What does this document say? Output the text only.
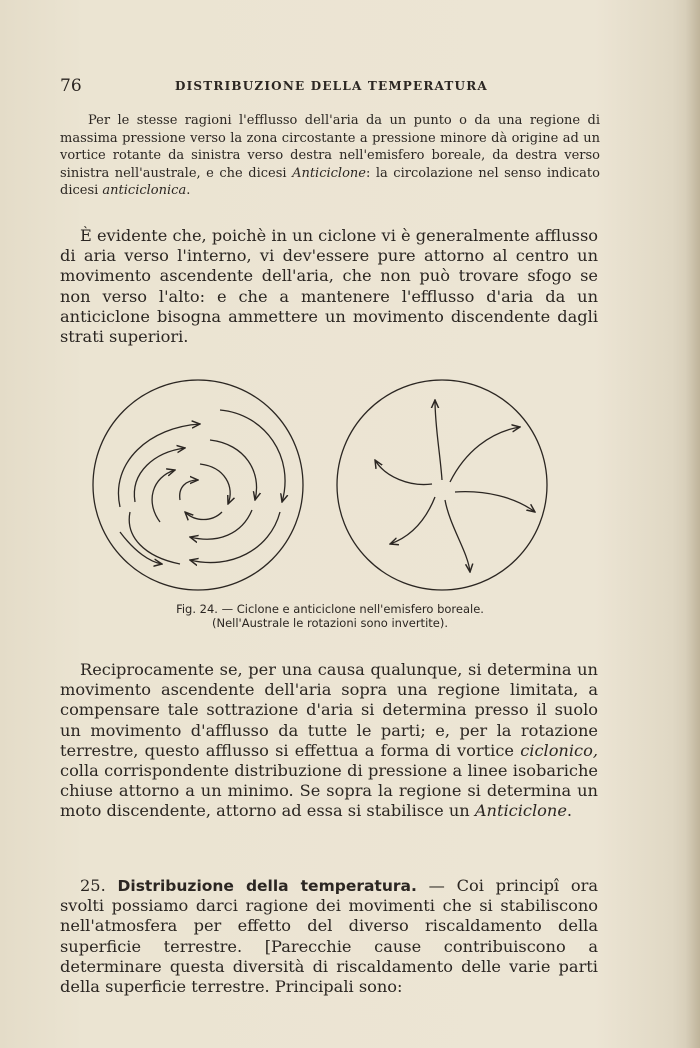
76	DISTRIBUZIONE DELLA TEMPERATURA

Per le stesse ragioni l'efflusso dell'aria da un punto o da una regione di massima pressione verso la zona circostante a pressione minore dà origine ad un vortice rotante da sinistra verso destra nell'emisfero boreale, da destra verso sinistra nell'australe, e che dicesi Anticiclone: la circolazione nel senso indicato dicesi anticiclonica.

È evidente che, poichè in un ciclone vi è generalmente afflusso di aria verso l'interno, vi dev'essere pure attorno al centro un movimento ascendente dell'aria, che non può trovare sfogo se non verso l'alto: e che a mantenere l'efflusso d'aria da un anticiclone bisogna ammettere un movimento discendente dagli strati superiori.

Fig. 24. — Ciclone e anticiclone nell'emisfero boreale.
(Nell'Australe le rotazioni sono invertite).

Reciprocamente se, per una causa qualunque, si determina un movimento ascendente dell'aria sopra una regione limitata, a compensare tale sottrazione d'aria si determina presso il suolo un movimento d'afflusso da tutte le parti; e, per la rotazione terrestre, questo afflusso si effettua a forma di vortice ciclonico, colla corrispondente distribuzione di pressione a linee isobariche chiuse attorno a un minimo. Se sopra la regione si determina un moto discendente, attorno ad essa si stabilisce un Anticiclone.

25. Distribuzione della temperatura. — Coi principî ora svolti possiamo darci ragione dei movimenti che si stabiliscono nell'atmosfera per effetto del diverso riscaldamento della superficie terrestre. [Parecchie cause contribuiscono a determinare questa diversità di riscaldamento delle varie parti della superficie terrestre. Principali sono:
